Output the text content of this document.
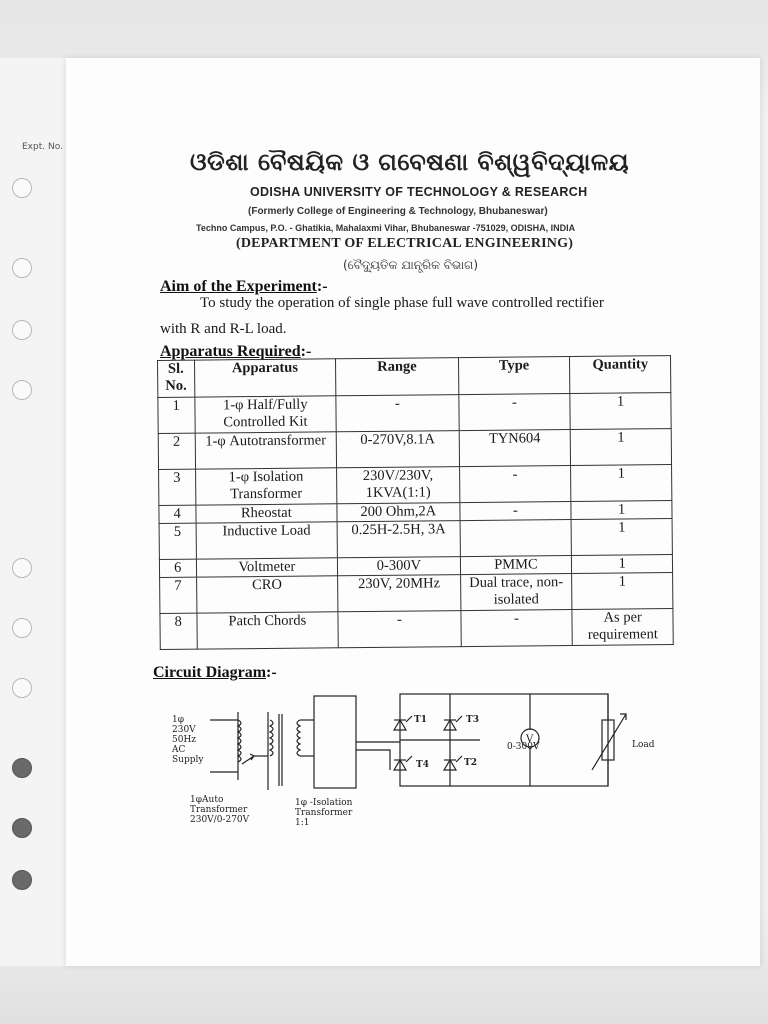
Expt. No.
ଓଡିଶା ବୈଷୟିକ ଓ ଗବେଷଣା ବିଶ୍ୱବିଦ୍ୟାଳୟ
ODISHA UNIVERSITY OF TECHNOLOGY & RESEARCH
(Formerly College of Engineering & Technology, Bhubaneswar)
Techno Campus, P.O. - Ghatikia, Mahalaxmi Vihar, Bhubaneswar -751029, ODISHA, INDIA
(DEPARTMENT OF ELECTRICAL ENGINEERING)
(ବୈଦ୍ୟୁତିକ ଯାନ୍ତ୍ରିକ ବିଭାଗ)
Aim of the Experiment:-
To study the operation of single phase full wave controlled rectifier
with R and R-L load.
Apparatus Required:-
Sl. No.	Apparatus	Range	Type	Quantity
1	1-φ Half/Fully Controlled Kit	-	-	1
2	1-φ Autotransformer	0-270V,8.1A	TYN604	1
3	1-φ Isolation Transformer	230V/230V, 1KVA(1:1)	-	1
4	Rheostat	200 Ohm,2A	-	1
5	Inductive Load	0.25H-2.5H, 3A		1
6	Voltmeter	0-300V	PMMC	1
7	CRO	230V, 20MHz	Dual trace, non-isolated	1
8	Patch Chords	-	-	As per requirement
Circuit Diagram:-
V
1φ
230V
50Hz
AC
Supply
1φAuto
Transformer
230V/0-270V
1φ -Isolation
Transformer
1:1
T1	T3
T4	T2
0-300V	Load
